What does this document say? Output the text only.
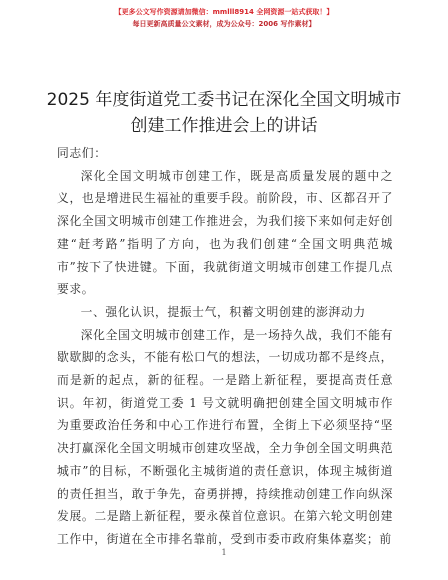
【更多公文写作资源请加微信：mmlll8914 全网资源一站式获取！】
每日更新高质量公文素材，成为公众号：2006 写作素材】
2025 年度街道党工委书记在深化全国文明城市
创建工作推进会上的讲话

同志们：

深化全国文明城市创建工作，既是高质量发展的题中之义，也是增进民生福祉的重要手段。前阶段，市、区都召开了深化全国文明城市创建工作推进会，为我们接下来如何走好创建“赶考路”指明了方向，也为我们创建“全国文明典范城市”按下了快进键。下面，我就街道文明城市创建工作提几点要求。

一、强化认识，提振士气，积蓄文明创建的澎湃动力

深化全国文明城市创建工作，是一场持久战，我们不能有歇歇脚的念头，不能有松口气的想法，一切成功都不是终点，而是新的起点，新的征程。一是踏上新征程，要提高责任意识。年初，街道党工委 1 号文就明确把创建全国文明城市作为重要政治任务和中心工作进行布置，全街上下必须坚持“坚决打赢深化全国文明城市创建攻坚战，全力争创全国文明典范城市”的目标，不断强化主城街道的责任意识，体现主城街道的责任担当，敢于争先，奋勇拼搏，持续推动创建工作向纵深发展。二是踏上新征程，要永葆首位意识。在第六轮文明创建工作中，街道在全市排名靠前，受到市委市政府集体嘉奖；前

1
